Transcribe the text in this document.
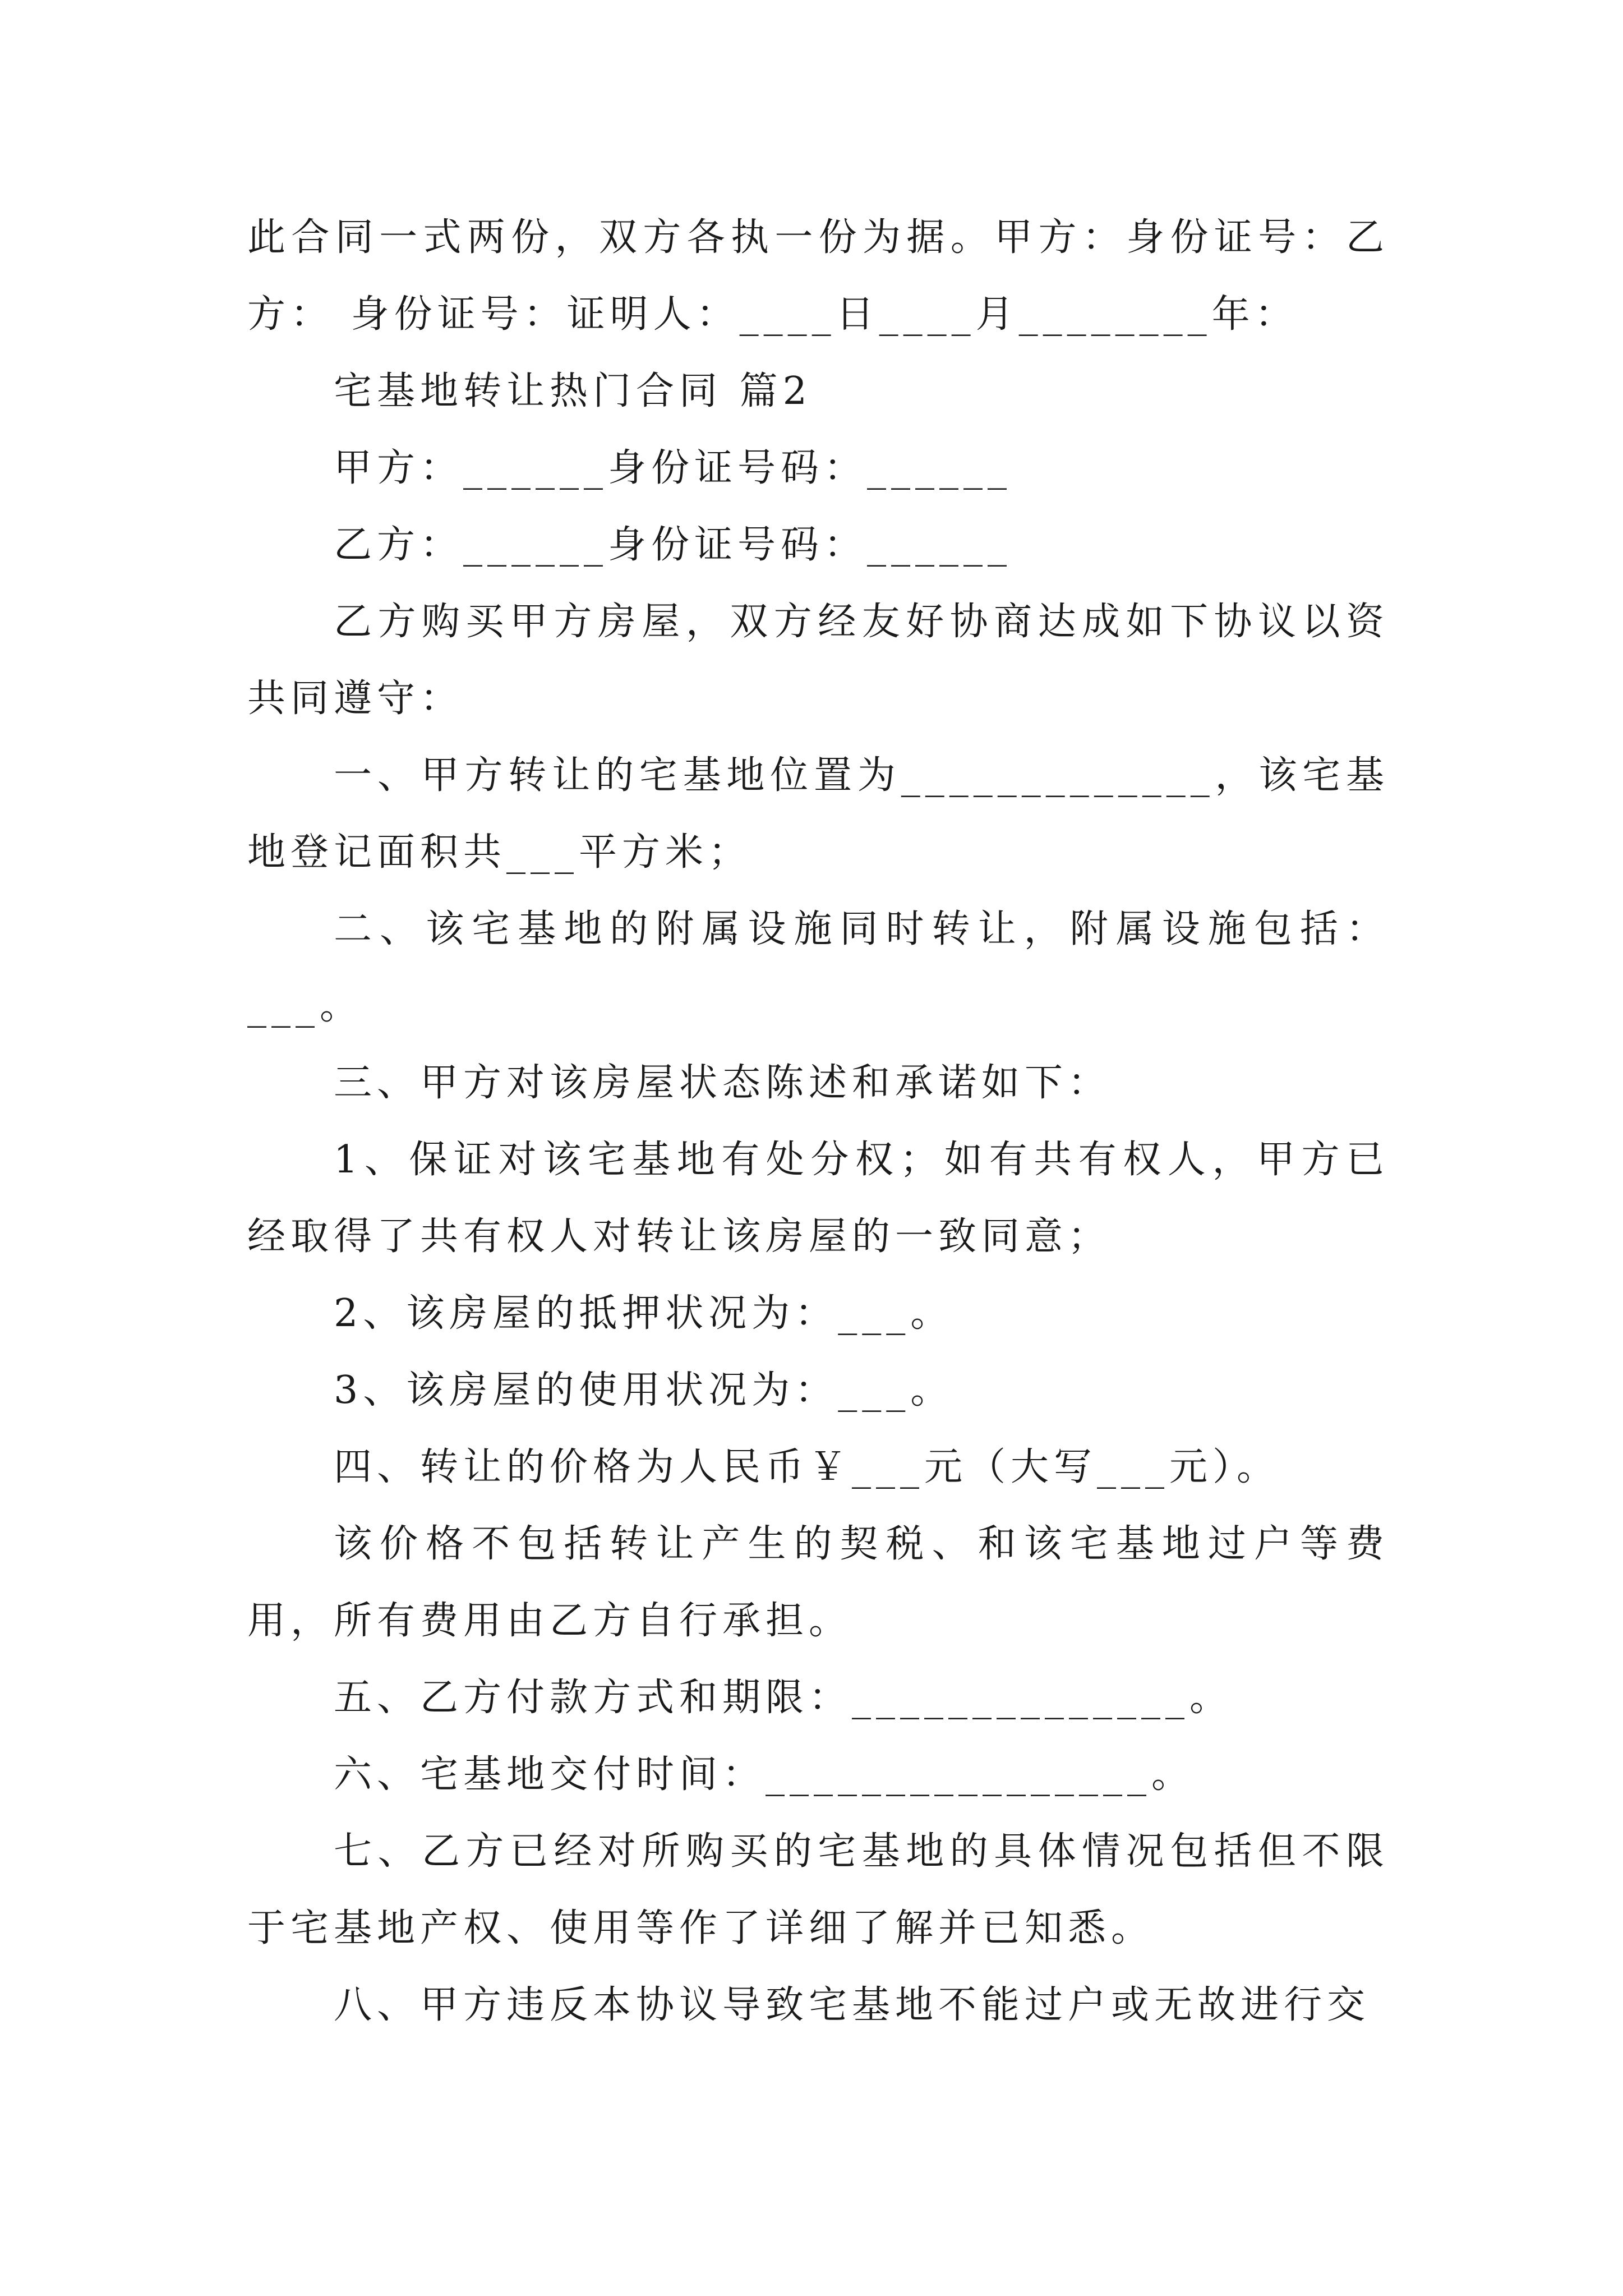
此合同一式两份，双方各执一份为据。甲方：身份证号：乙方： 身份证号：证明人：____日____月________年：

宅基地转让热门合同 篇2

甲方：______身份证号码：______

乙方：______身份证号码：______

乙方购买甲方房屋，双方经友好协商达成如下协议以资共同遵守：

一、甲方转让的宅基地位置为_____________，该宅基地登记面积共___平方米；

二、该宅基地的附属设施同时转让，附属设施包括：___。

三、甲方对该房屋状态陈述和承诺如下：

1、保证对该宅基地有处分权；如有共有权人，甲方已经取得了共有权人对转让该房屋的一致同意；

2、该房屋的抵押状况为：___。

3、该房屋的使用状况为：___。

四、转让的价格为人民币￥___元（大写___元）。

该价格不包括转让产生的契税、和该宅基地过户等费用，所有费用由乙方自行承担。

五、乙方付款方式和期限：______________。

六、宅基地交付时间：________________。

七、乙方已经对所购买的宅基地的具体情况包括但不限于宅基地产权、使用等作了详细了解并已知悉。

八、甲方违反本协议导致宅基地不能过户或无故进行交
